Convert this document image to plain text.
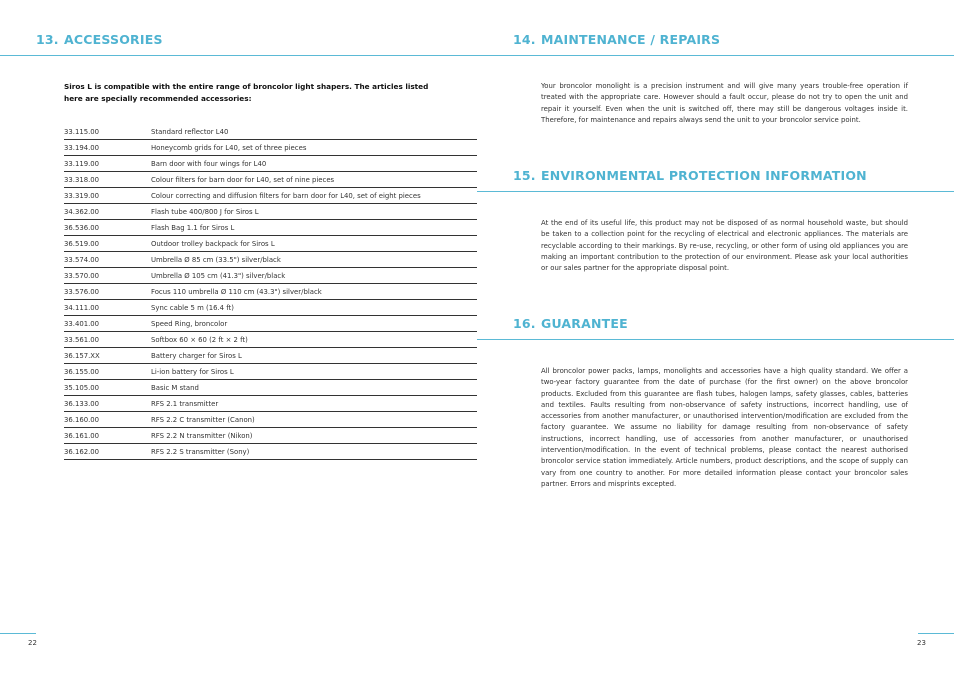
13. ACCESSORIES

Siros L is compatible with the entire range of broncolor light shapers. The articles listed here are specially recommended accessories:

33.115.00	Standard reflector L40
33.194.00	Honeycomb grids for L40, set of three pieces
33.119.00	Barn door with four wings for L40
33.318.00	Colour filters for barn door for L40, set of nine pieces
33.319.00	Colour correcting and diffusion filters for barn door for L40, set of eight pieces
34.362.00	Flash tube 400/800 J for Siros L
36.536.00	Flash Bag 1.1 for Siros L
36.519.00	Outdoor trolley backpack for Siros L
33.574.00	Umbrella Ø 85 cm (33.5") silver/black
33.570.00	Umbrella Ø 105 cm (41.3") silver/black
33.576.00	Focus 110 umbrella Ø 110 cm (43.3") silver/black
34.111.00	Sync cable 5 m (16.4 ft)
33.401.00	Speed Ring, broncolor
33.561.00	Softbox 60 × 60 (2 ft × 2 ft)
36.157.XX	Battery charger for Siros L
36.155.00	Li-ion battery for Siros L
35.105.00	Basic M stand
36.133.00	RFS 2.1 transmitter
36.160.00	RFS 2.2 C transmitter (Canon)
36.161.00	RFS 2.2 N transmitter (Nikon)
36.162.00	RFS 2.2 S transmitter (Sony)
22
14. MAINTENANCE / REPAIRS

Your broncolor monolight is a precision instrument and will give many years trouble-free operation if treated with the appropriate care. However should a fault occur, please do not try to open the unit and repair it yourself. Even when the unit is switched off, there may still be dangerous voltages inside it. Therefore, for maintenance and repairs always send the unit to your broncolor service point.

15. ENVIRONMENTAL PROTECTION INFORMATION

At the end of its useful life, this product may not be disposed of as normal household waste, but should be taken to a collection point for the recycling of electrical and electronic appliances. The materials are recyclable according to their markings. By re-use, recycling, or other form of using old appliances you are making an important contribution to the protection of our environment. Please ask your local authorities or our sales partner for the appropriate disposal point.

16. GUARANTEE

All broncolor power packs, lamps, monolights and accessories have a high quality standard. We offer a two-year factory guarantee from the date of purchase (for the first owner) on the above broncolor products. Excluded from this guarantee are flash tubes, halogen lamps, safety glasses, cables, batteries and textiles. Faults resulting from non-observance of safety instructions, incorrect handling, use of accessories from another manufacturer, or unauthorised intervention/modification are excluded from the factory guarantee. We assume no liability for damage resulting from non-observance of safety instructions, incorrect handling, use of accessories from another manufacturer, or unauthorised intervention/modification. In the event of technical problems, please contact the nearest authorised broncolor service station immediately. Article numbers, product descriptions, and the scope of supply can vary from one country to another. For more detailed information please contact your broncolor sales partner. Errors and misprints excepted.

23
